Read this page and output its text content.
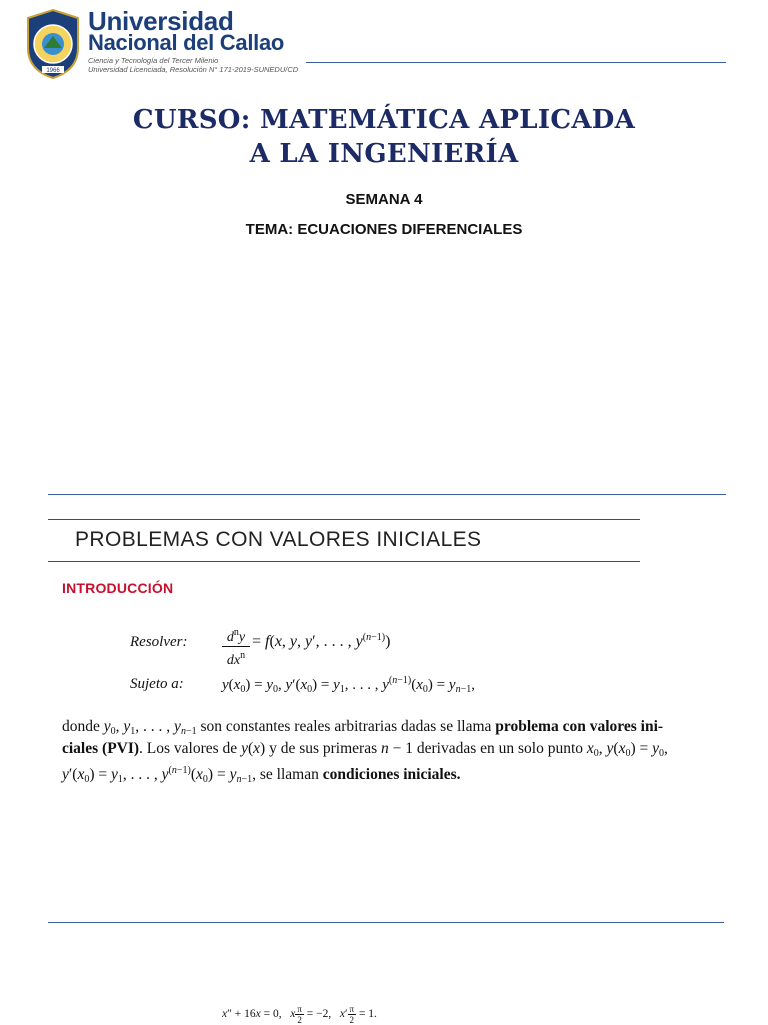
1966
Universidad
Nacional del Callao
Ciencia y Tecnología del Tercer Milenio
Universidad Licenciada, Resolución N° 171-2019-SUNEDU/CD
CURSO: MATEMÁTICA APLICADA
A LA INGENIERÍA
SEMANA 4
TEMA: ECUACIONES DIFERENCIALES
PROBLEMAS CON VALORES INICIALES
INTRODUCCIÓN
Resolver:	$d^ny$
$dx^n$
= f(x, y, y′, . . . , $y^{(n-1)}$)
Sujeto a:	$y(x_0) = y_0$, $y'(x_0) = y_1$, . . . , $y^{(n-1)}(x_0) = y_{n-1}$,
donde $y_0$, $y_1$, . . . , $y_{n-1}$ son constantes reales arbitrarias dadas se llama problema con valores ini-
ciales (PVI). Los valores de y(x) y de sus primeras n − 1 derivadas en un solo punto $x_0$, $y(x_0) = y_0$,
$y'(x_0) = y_1$, . . . , $y^{(n-1)}(x_0) = y_{n-1}$, se llaman condiciones iniciales.
x″ + 16x = 0,   x $\frac{\pi}{2} = -2$,   $x' \frac{\pi}{2} = 1$.
